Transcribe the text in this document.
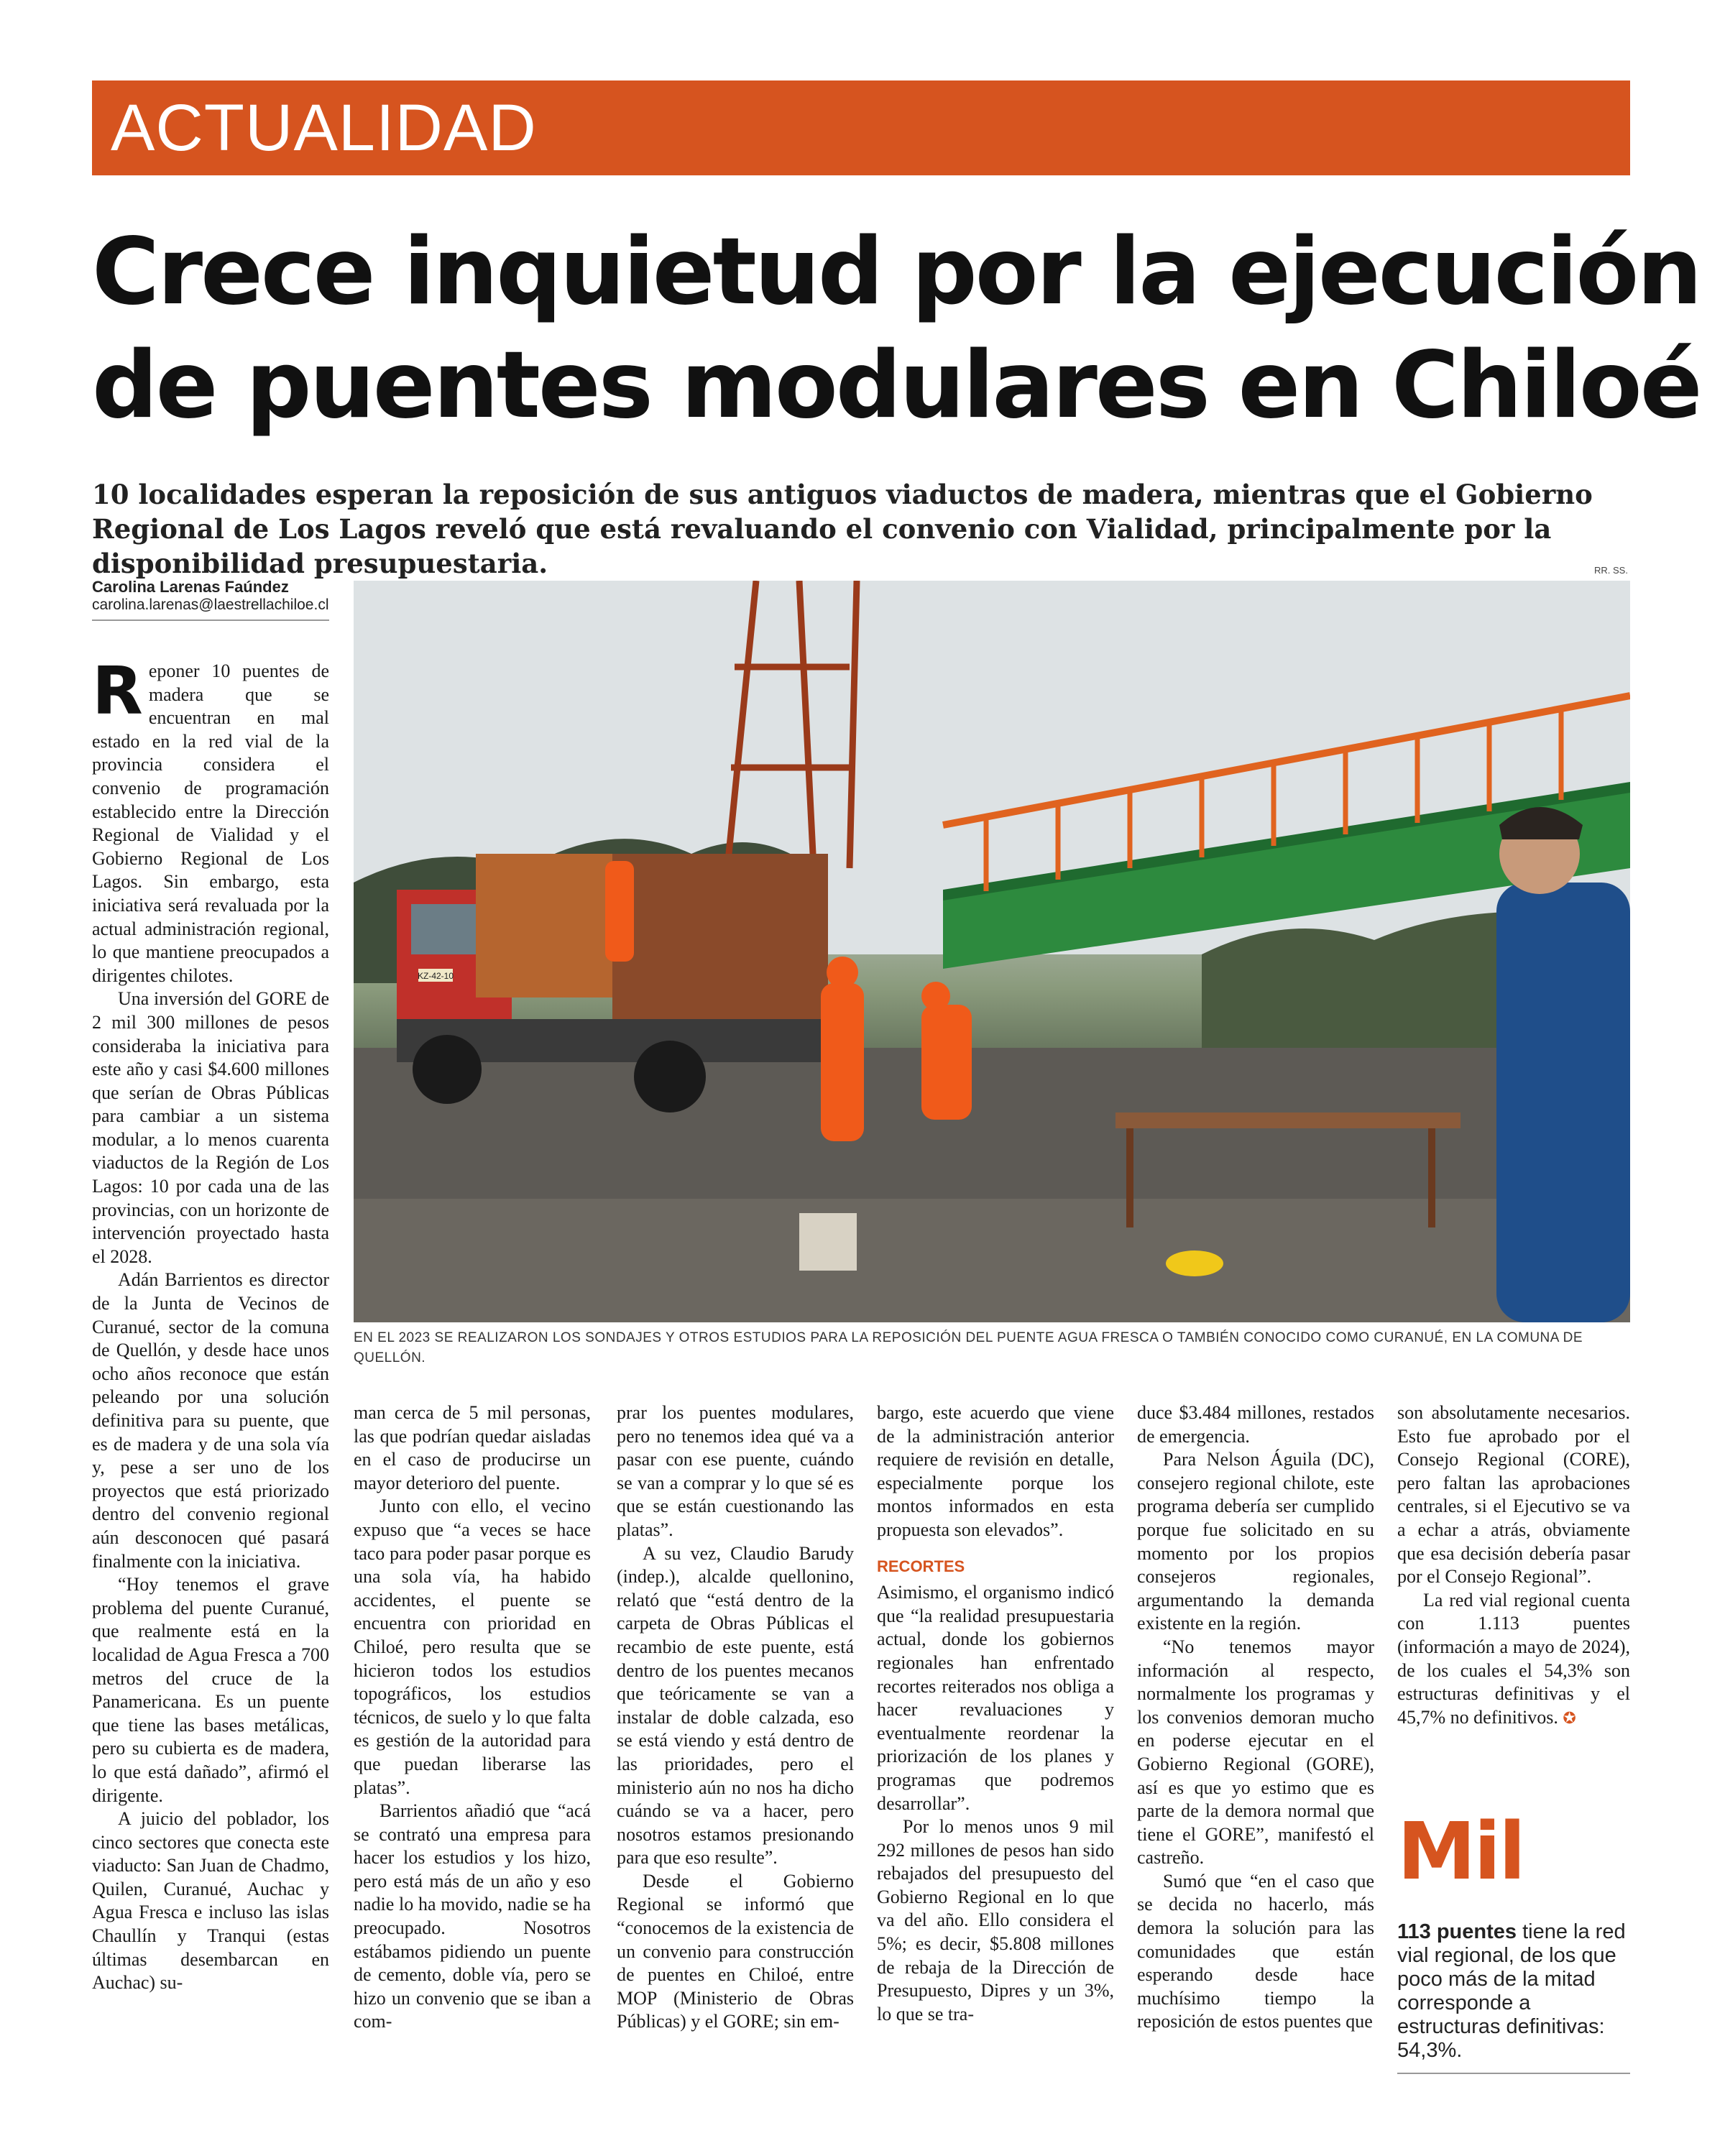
ACTUALIDAD
Crece inquietud por la ejecución
de puentes modulares en Chiloé
10 localidades esperan la reposición de sus antiguos viaductos de madera, mientras que el Gobierno Regional de Los Lagos reveló que está revaluando el convenio con Vialidad, principalmente por la disponibilidad presupuestaria.
Carolina Larenas Faúndez
carolina.larenas@laestrellachiloe.cl
RR. SS.
KZ-42-10
EN EL 2023 SE REALIZARON LOS SONDAJES Y OTROS ESTUDIOS PARA LA REPOSICIÓN DEL PUENTE AGUA FRESCA O TAMBIÉN CONOCIDO COMO CURANUÉ, EN LA COMUNA DE QUELLÓN.

Reponer 10 puentes de madera que se encuentran en mal estado en la red vial de la provincia considera el convenio de programación establecido entre la Dirección Regional de Vialidad y el Gobierno Regional de Los Lagos. Sin embargo, esta iniciativa será revaluada por la actual administración regional, lo que mantiene preocupados a dirigentes chilotes.

Una inversión del GORE de 2 mil 300 millones de pesos consideraba la iniciativa para este año y casi $4.600 millones que serían de Obras Públicas para cambiar a un sistema modular, a lo menos cuarenta viaductos de la Región de Los Lagos: 10 por cada una de las provincias, con un horizonte de intervención proyectado hasta el 2028.

Adán Barrientos es director de la Junta de Vecinos de Curanué, sector de la comuna de Quellón, y desde hace unos ocho años reconoce que están peleando por una solución definitiva para su puente, que es de madera y de una sola vía y, pese a ser uno de los proyectos que está priorizado dentro del convenio regional aún desconocen qué pasará finalmente con la iniciativa.

“Hoy tenemos el grave problema del puente Curanué, que realmente está en la localidad de Agua Fresca a 700 metros del cruce de la Panamericana. Es un puente que tiene las bases metálicas, pero su cubierta es de madera, lo que está dañado”, afirmó el dirigente.

A juicio del poblador, los cinco sectores que conecta este viaducto: San Juan de Chadmo, Quilen, Curanué, Auchac y Agua Fresca e incluso las islas Chaullín y Tranqui (estas últimas desembarcan en Auchac) su-

man cerca de 5 mil personas, las que podrían quedar aisladas en el caso de producirse un mayor deterioro del puente.

Junto con ello, el vecino expuso que “a veces se hace taco para poder pasar porque es una sola vía, ha habido accidentes, el puente se encuentra con prioridad en Chiloé, pero resulta que se hicieron todos los estudios topográficos, los estudios técnicos, de suelo y lo que falta es gestión de la autoridad para que puedan liberarse las platas”.

Barrientos añadió que “acá se contrató una empresa para hacer los estudios y los hizo, pero está más de un año y eso nadie lo ha movido, nadie se ha preocupado. Nosotros estábamos pidiendo un puente de cemento, doble vía, pero se hizo un convenio que se iban a com-

prar los puentes modulares, pero no tenemos idea qué va a pasar con ese puente, cuándo se van a comprar y lo que sé es que se están cuestionando las platas”.

A su vez, Claudio Barudy (indep.), alcalde quellonino, relató que “está dentro de la carpeta de Obras Públicas el recambio de este puente, está dentro de los puentes mecanos que teóricamente se van a instalar de doble calzada, eso se está viendo y está dentro de las prioridades, pero el ministerio aún no nos ha dicho cuándo se va a hacer, pero nosotros estamos presionando para que eso resulte”.

Desde el Gobierno Regional se informó que “conocemos de la existencia de un convenio para construcción de puentes en Chiloé, entre MOP (Ministerio de Obras Públicas) y el GORE; sin em-

bargo, este acuerdo que viene de la administración anterior requiere de revisión en detalle, especialmente porque los montos informados en esta propuesta son elevados”.

RECORTES

Asimismo, el organismo indicó que “la realidad presupuestaria actual, donde los gobiernos regionales han enfrentado recortes reiterados nos obliga a hacer revaluaciones y eventualmente reordenar la priorización de los planes y programas que podremos desarrollar”.

Por lo menos unos 9 mil 292 millones de pesos han sido rebajados del presupuesto del Gobierno Regional en lo que va del año. Ello considera el 5%; es decir, $5.808 millones de rebaja de la Dirección de Presupuesto, Dipres y un 3%, lo que se tra-

duce $3.484 millones, restados de emergencia.

Para Nelson Águila (DC), consejero regional chilote, este programa debería ser cumplido porque fue solicitado en su momento por los propios consejeros regionales, argumentando la demanda existente en la región.

“No tenemos mayor información al respecto, normalmente los programas y los convenios demoran mucho en poderse ejecutar en el Gobierno Regional (GORE), así es que yo estimo que es parte de la demora normal que tiene el GORE”, manifestó el castreño.

Sumó que “en el caso que se decida no hacerlo, más demora la solución para las comunidades que están esperando desde hace muchísimo tiempo la reposición de estos puentes que

son absolutamente necesarios. Esto fue aprobado por el Consejo Regional (CORE), pero faltan las aprobaciones centrales, si el Ejecutivo se va a echar a atrás, obviamente que esa decisión debería pasar por el Consejo Regional”.

La red vial regional cuenta con 1.113 puentes (información a mayo de 2024), de los cuales el 54,3% son estructuras definitivas y el 45,7% no definitivos. ✪

Mil
113 puentes tiene la red vial regional, de los que poco más de la mitad corresponde a estructuras definitivas: 54,3%.
